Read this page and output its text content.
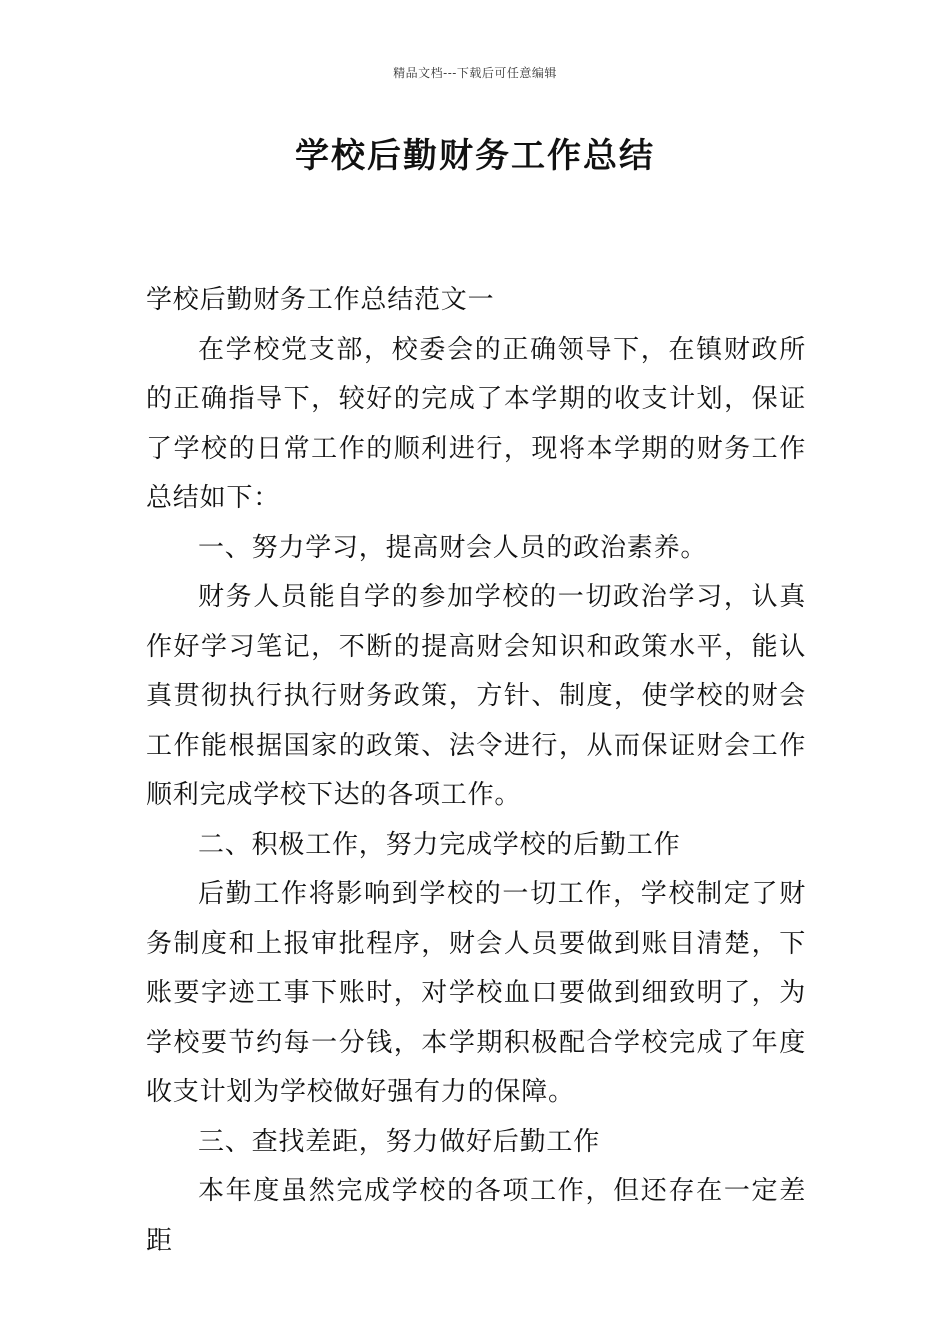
精品文档---下载后可任意编辑
学校后勤财务工作总结

学校后勤财务工作总结范文一

在学校党支部，校委会的正确领导下，在镇财政所的正确指导下，较好的完成了本学期的收支计划，保证了学校的日常工作的顺利进行，现将本学期的财务工作总结如下：

一、努力学习，提高财会人员的政治素养。

财务人员能自学的参加学校的一切政治学习，认真作好学习笔记，不断的提高财会知识和政策水平，能认真贯彻执行执行财务政策，方针、制度，使学校的财会工作能根据国家的政策、法令进行，从而保证财会工作顺利完成学校下达的各项工作。

二、积极工作，努力完成学校的后勤工作

后勤工作将影响到学校的一切工作，学校制定了财务制度和上报审批程序，财会人员要做到账目清楚，下账要字迹工事下账时，对学校血口要做到细致明了，为学校要节约每一分钱，本学期积极配合学校完成了年度收支计划为学校做好强有力的保障。

三、查找差距，努力做好后勤工作

本年度虽然完成学校的各项工作，但还存在一定差距
